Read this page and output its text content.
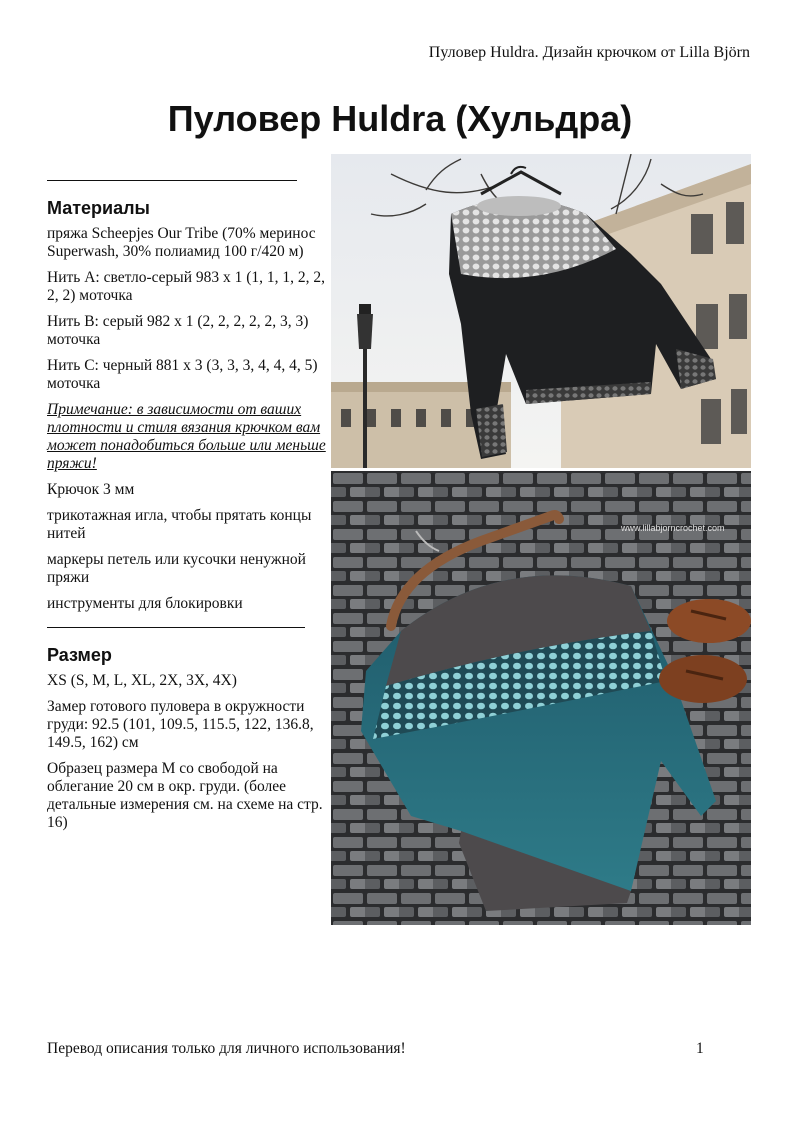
Пуловер Huldra. Дизайн крючком от Lilla Björn
Пуловер Huldra (Хульдра)
Материалы

пряжа Scheepjes Our Tribe (70% меринос Superwash, 30% полиамид 100 г/420 м)

Нить А: светло-серый 983 x 1 (1, 1, 1, 2, 2, 2, 2) моточка

Нить B: серый 982 x 1 (2, 2, 2, 2, 2, 3, 3) моточка

Нить C: черный 881 x 3 (3, 3, 3, 4, 4, 4, 5) моточка

Примечание: в зависимости от ваших плотности и стиля вязания крючком вам может понадобиться больше или меньше пряжи!

Крючок 3 мм

трикотажная игла, чтобы прятать концы нитей

маркеры петель или кусочки ненужной пряжи

инструменты для блокировки

Размер

XS (S, M, L, XL, 2X, 3X, 4X)

Замер готового пуловера в окружности груди: 92.5 (101, 109.5, 115.5, 122, 136.8, 149.5, 162) см

Образец размера М со свободой на облегание 20 см в окр. груди. (более детальные измерения см. на схеме на стр. 16)

www.lillabjorncrochet.com
Перевод описания только для личного использования!	1
